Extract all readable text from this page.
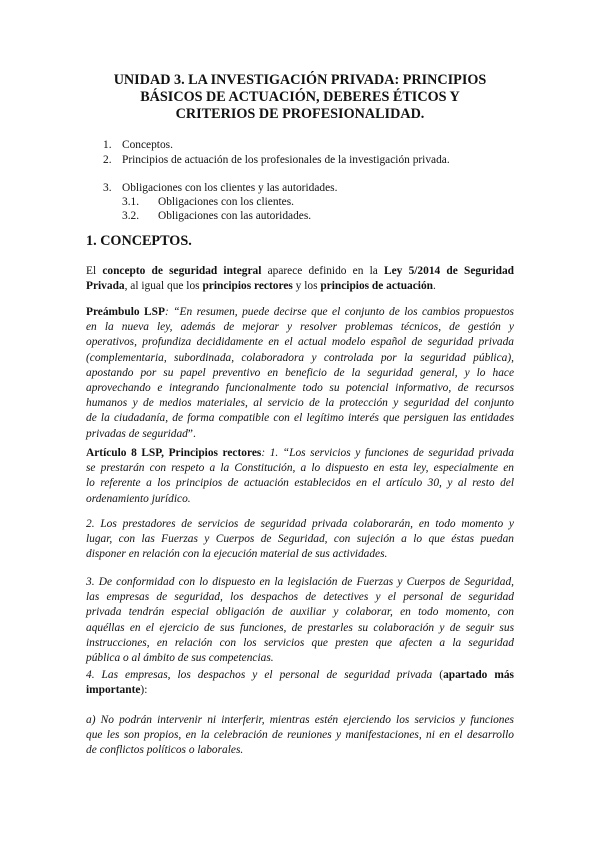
UNIDAD 3. LA INVESTIGACIÓN PRIVADA: PRINCIPIOS
BÁSICOS DE ACTUACIÓN, DEBERES ÉTICOS Y
CRITERIOS DE PROFESIONALIDAD.
1. Conceptos.
2. Principios de actuación de los profesionales de la investigación privada.
3. Obligaciones con los clientes y las autoridades.
3.1. Obligaciones con los clientes.
3.2. Obligaciones con las autoridades.
1. CONCEPTOS.
El concepto de seguridad integral aparece definido en la Ley 5/2014 de Seguridad
Privada, al igual que los principios rectores y los principios de actuación.
Preámbulo LSP: “En resumen, puede decirse que el conjunto de los cambios propuestos
en la nueva ley, además de mejorar y resolver problemas técnicos, de gestión y
operativos, profundiza decididamente en el actual modelo español de seguridad privada
(complementaria, subordinada, colaboradora y controlada por la seguridad pública),
apostando por su papel preventivo en beneficio de la seguridad general, y lo hace
aprovechando e integrando funcionalmente todo su potencial informativo, de recursos
humanos y de medios materiales, al servicio de la protección y seguridad del conjunto
de la ciudadanía, de forma compatible con el legítimo interés que persiguen las entidades
privadas de seguridad”.
Artículo 8 LSP, Principios rectores: 1. “Los servicios y funciones de seguridad privada
se prestarán con respeto a la Constitución, a lo dispuesto en esta ley, especialmente en
lo referente a los principios de actuación establecidos en el artículo 30, y al resto del
ordenamiento jurídico.
2. Los prestadores de servicios de seguridad privada colaborarán, en todo momento y
lugar, con las Fuerzas y Cuerpos de Seguridad, con sujeción a lo que éstas puedan
disponer en relación con la ejecución material de sus actividades.
3. De conformidad con lo dispuesto en la legislación de Fuerzas y Cuerpos de Seguridad,
las empresas de seguridad, los despachos de detectives y el personal de seguridad
privada tendrán especial obligación de auxiliar y colaborar, en todo momento, con
aquéllas en el ejercicio de sus funciones, de prestarles su colaboración y de seguir sus
instrucciones, en relación con los servicios que presten que afecten a la seguridad
pública o al ámbito de sus competencias.
4. Las empresas, los despachos y el personal de seguridad privada (apartado más
importante):
a) No podrán intervenir ni interferir, mientras estén ejerciendo los servicios y funciones
que les son propios, en la celebración de reuniones y manifestaciones, ni en el desarrollo
de conflictos políticos o laborales.
